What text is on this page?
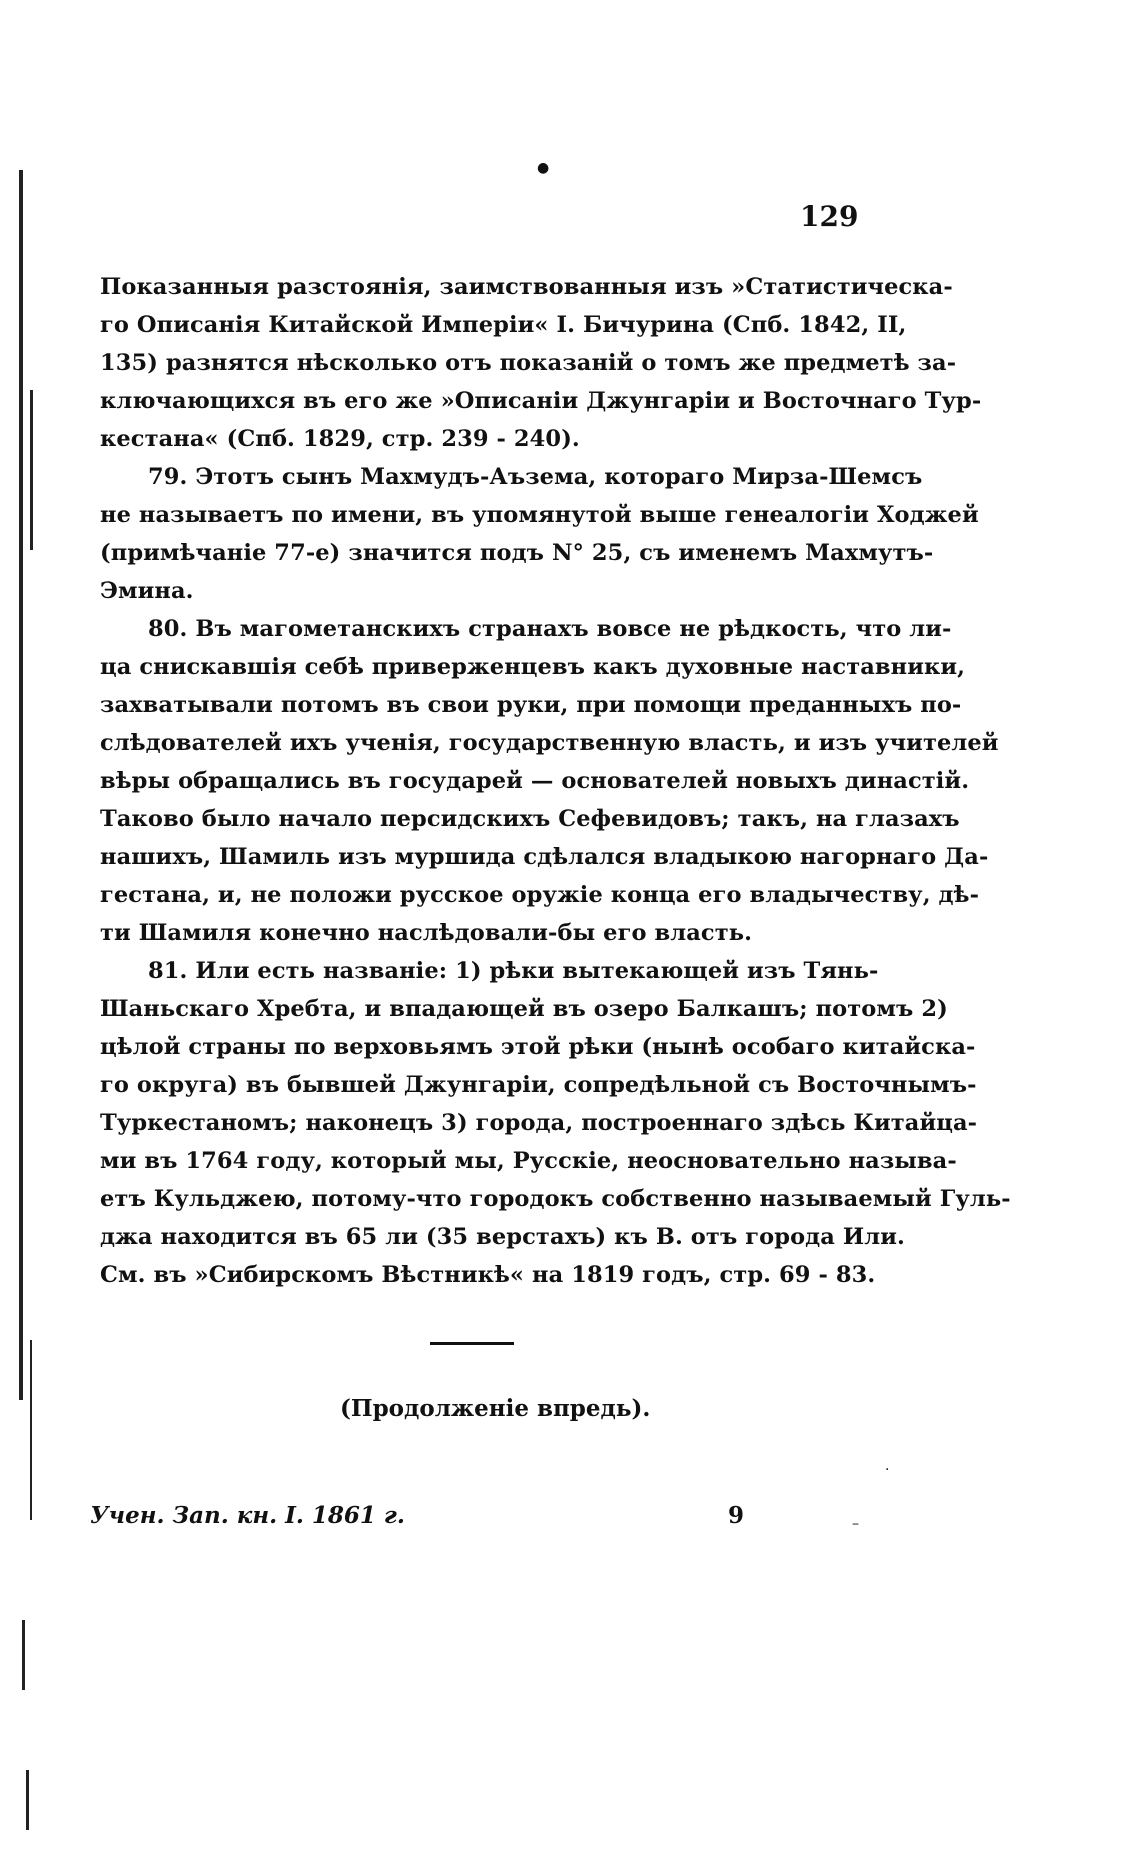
●
·
–
129
Показанныя разстоянія, заимствованныя изъ »Статистическа-
го Описанія Китайской Имперіи« І. Бичурина (Спб. 1842, II,
135) разнятся нѣсколько отъ показаній о томъ же предметѣ за-
ключающихся въ его же »Описаніи Джунгаріи и Восточнаго Тур-
кестана« (Спб. 1829, стр. 239 - 240).
79. Этотъ сынъ Махмудъ-Аъзема, котораго Мирза-Шемсъ
не называетъ по имени, въ упомянутой выше генеалогіи Ходжей
(примѣчаніе 77-е) значится подъ N° 25, съ именемъ Махмутъ-
Эмина.
80. Въ магометанскихъ странахъ вовсе не рѣдкость, что ли-
ца снискавшія себѣ приверженцевъ какъ духовные наставники,
захватывали потомъ въ свои руки, при помощи преданныхъ по-
слѣдователей ихъ ученія, государственную власть, и изъ учителей
вѣры обращались въ государей — основателей новыхъ династій.
Таково было начало персидскихъ Сефевидовъ; такъ, на глазахъ
нашихъ, Шамиль изъ муршида сдѣлался владыкою нагорнаго Да-
гестана, и, не положи русское оружіе конца его владычеству, дѣ-
ти Шамиля конечно наслѣдовали-бы его власть.
81. Или есть названіе: 1) рѣки вытекающей изъ Тянь-
Шаньскаго Хребта, и впадающей въ озеро Балкашъ; потомъ 2)
цѣлой страны по верховьямъ этой рѣки (нынѣ особаго китайска-
го округа) въ бывшей Джунгаріи, сопредѣльной съ Восточнымъ-
Туркестаномъ; наконецъ 3) города, построеннаго здѣсь Китайца-
ми въ 1764 году, который мы, Русскіе, неосновательно называ-
етъ Кульджею, потому-что городокъ собственно называемый Гуль-
джа находится въ 65 ли (35 верстахъ) къ В. отъ города Или.
См. въ »Сибирскомъ Вѣстникѣ« на 1819 годъ, стр. 69 - 83.
(Продолженіе впредь).
Учен. Зап. кн. I. 1861 г.	9
